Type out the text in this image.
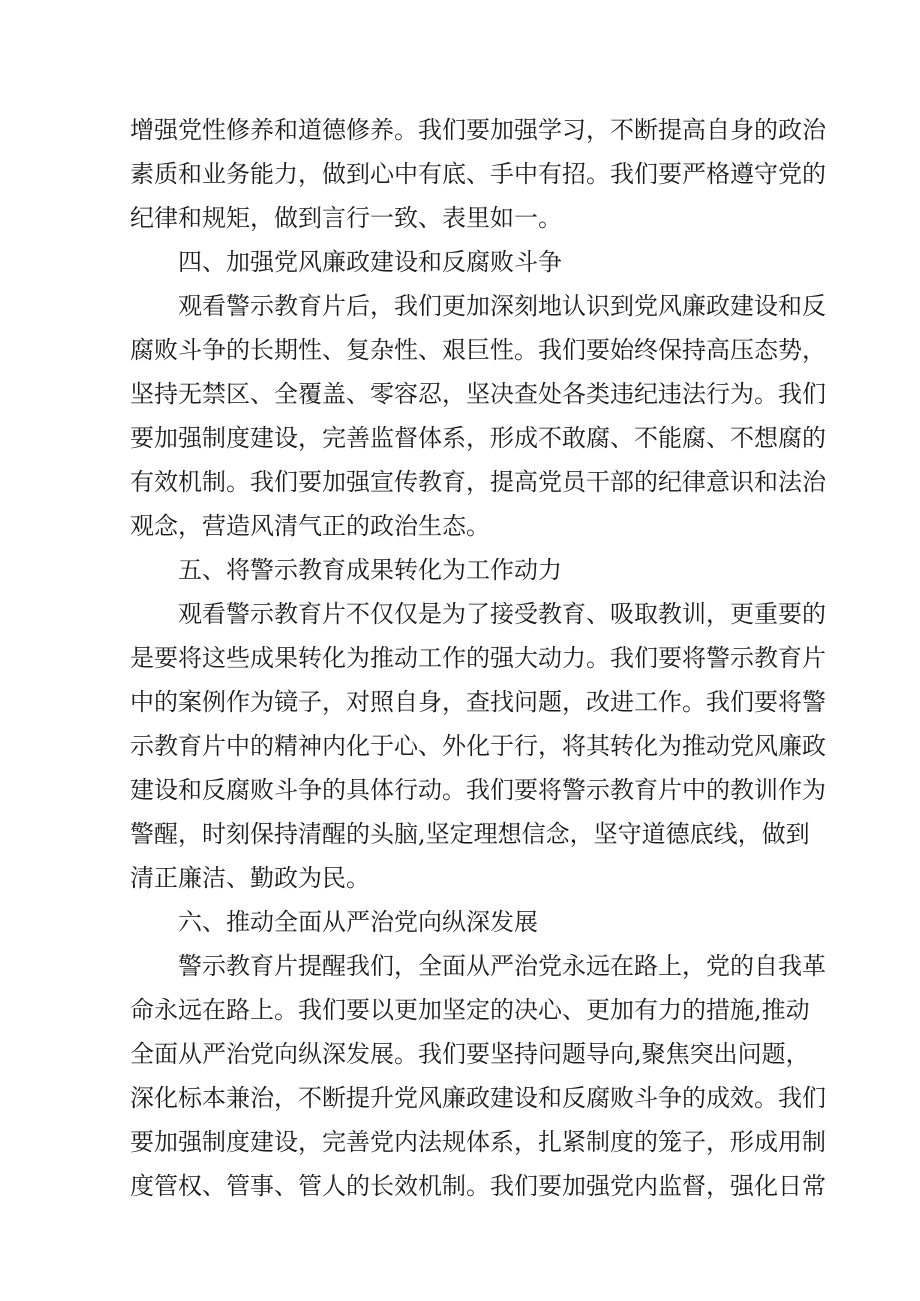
增强党性修养和道德修养。我们要加强学习，不断提高自身的政治
素质和业务能力，做到心中有底、手中有招。我们要严格遵守党的
纪律和规矩，做到言行一致、表里如一。
四、加强党风廉政建设和反腐败斗争
观看警示教育片后，我们更加深刻地认识到党风廉政建设和反
腐败斗争的长期性、复杂性、艰巨性。我们要始终保持高压态势，
坚持无禁区、全覆盖、零容忍，坚决查处各类违纪违法行为。我们
要加强制度建设，完善监督体系，形成不敢腐、不能腐、不想腐的
有效机制。我们要加强宣传教育，提高党员干部的纪律意识和法治
观念，营造风清气正的政治生态。
五、将警示教育成果转化为工作动力
观看警示教育片不仅仅是为了接受教育、吸取教训，更重要的
是要将这些成果转化为推动工作的强大动力。我们要将警示教育片
中的案例作为镜子，对照自身，查找问题，改进工作。我们要将警
示教育片中的精神内化于心、外化于行，将其转化为推动党风廉政
建设和反腐败斗争的具体行动。我们要将警示教育片中的教训作为
警醒，时刻保持清醒的头脑,坚定理想信念，坚守道德底线，做到
清正廉洁、勤政为民。
六、推动全面从严治党向纵深发展
警示教育片提醒我们，全面从严治党永远在路上，党的自我革
命永远在路上。我们要以更加坚定的决心、更加有力的措施,推动
全面从严治党向纵深发展。我们要坚持问题导向,聚焦突出问题，
深化标本兼治，不断提升党风廉政建设和反腐败斗争的成效。我们
要加强制度建设，完善党内法规体系，扎紧制度的笼子，形成用制
度管权、管事、管人的长效机制。我们要加强党内监督，强化日常
